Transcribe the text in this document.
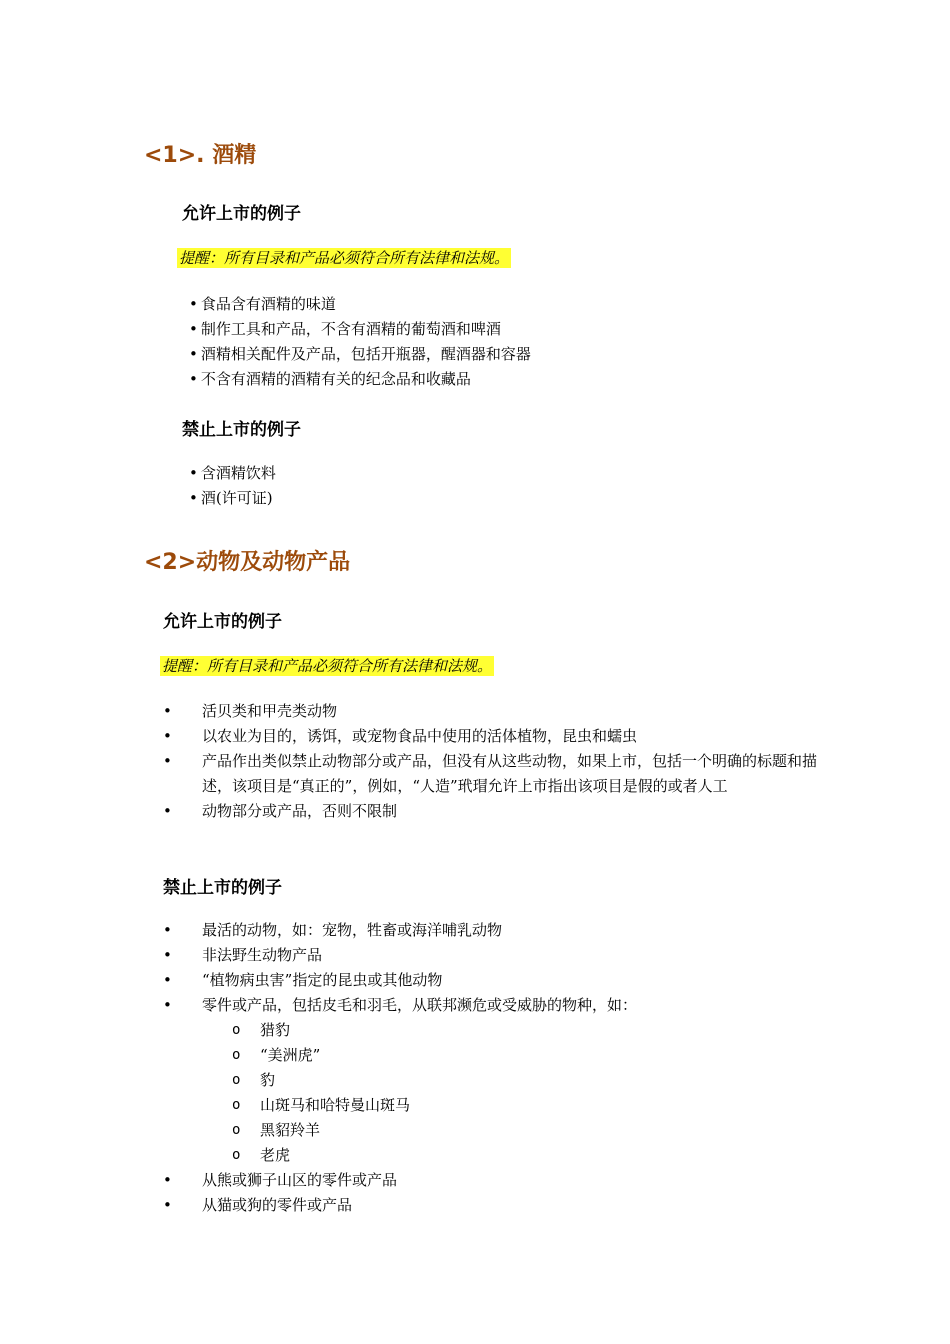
<1>. 酒精
允许上市的例子

提醒：所有目录和产品必须符合所有法律和法规。

• 食品含有酒精的味道
• 制作工具和产品，不含有酒精的葡萄酒和啤酒
• 酒精相关配件及产品，包括开瓶器，醒酒器和容器
• 不含有酒精的酒精有关的纪念品和收藏品
禁止上市的例子
• 含酒精饮料
• 酒(许可证)
<2>动物及动物产品
允许上市的例子

提醒：所有目录和产品必须符合所有法律和法规。

• 活贝类和甲壳类动物
• 以农业为目的，诱饵，或宠物食品中使用的活体植物，昆虫和蠕虫
• 产品作出类似禁止动物部分或产品，但没有从这些动物，如果上市，包括一个明确的标题和描述，该项目是“真正的”，例如，“人造”玳瑁允许上市指出该项目是假的或者人工
• 动物部分或产品，否则不限制
禁止上市的例子
• 最活的动物，如：宠物，牲畜或海洋哺乳动物
• 非法野生动物产品
• “植物病虫害”指定的昆虫或其他动物
• 零件或产品，包括皮毛和羽毛，从联邦濒危或受威胁的物种，如：
o 猎豹
o “美洲虎”
o 豹
o 山斑马和哈特曼山斑马
o 黑貂羚羊
o 老虎
• 从熊或狮子山区的零件或产品
• 从猫或狗的零件或产品
